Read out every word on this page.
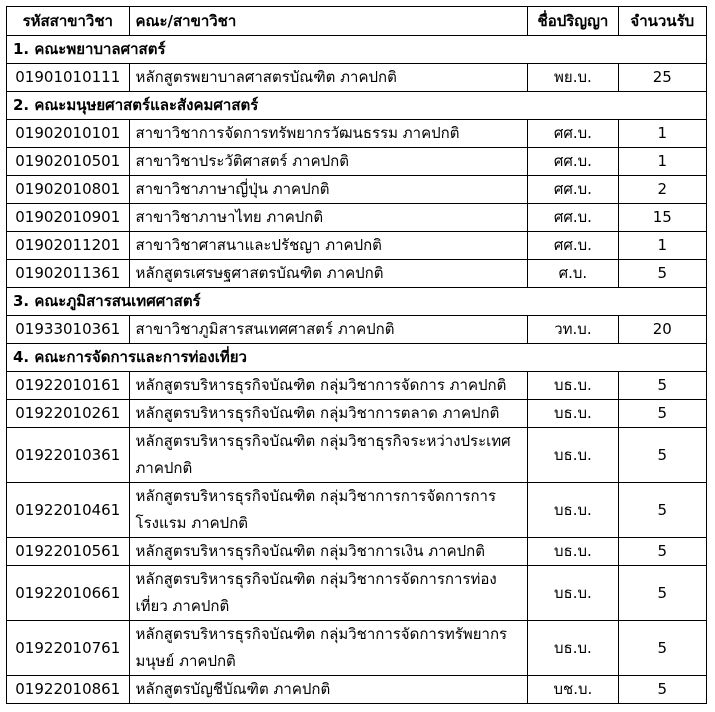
รหัสสาขาวิชา	คณะ/สาขาวิชา	ชื่อปริญญา	จำนวนรับ
1. คณะพยาบาลศาสตร์			
01901010111	หลักสูตรพยาบาลศาสตรบัณฑิต ภาคปกติ	พย.บ.	25
2. คณะมนุษยศาสตร์และสังคมศาสตร์			
01902010101	สาขาวิชาการจัดการทรัพยากรวัฒนธรรม ภาคปกติ	ศศ.บ.	1
01902010501	สาขาวิชาประวัติศาสตร์ ภาคปกติ	ศศ.บ.	1
01902010801	สาขาวิชาภาษาญี่ปุ่น ภาคปกติ	ศศ.บ.	2
01902010901	สาขาวิชาภาษาไทย ภาคปกติ	ศศ.บ.	15
01902011201	สาขาวิชาศาสนาและปรัชญา ภาคปกติ	ศศ.บ.	1
01902011361	หลักสูตรเศรษฐศาสตรบัณฑิต ภาคปกติ	ศ.บ.	5
3. คณะภูมิสารสนเทศศาสตร์			
01933010361	สาขาวิชาภูมิสารสนเทศศาสตร์ ภาคปกติ	วท.บ.	20
4. คณะการจัดการและการท่องเที่ยว			
01922010161	หลักสูตรบริหารธุรกิจบัณฑิต กลุ่มวิชาการจัดการ ภาคปกติ	บธ.บ.	5
01922010261	หลักสูตรบริหารธุรกิจบัณฑิต กลุ่มวิชาการตลาด ภาคปกติ	บธ.บ.	5
01922010361	หลักสูตรบริหารธุรกิจบัณฑิต กลุ่มวิชาธุรกิจระหว่างประเทศ ภาคปกติ	บธ.บ.	5
01922010461	หลักสูตรบริหารธุรกิจบัณฑิต กลุ่มวิชาการการจัดการการโรงแรม ภาคปกติ	บธ.บ.	5
01922010561	หลักสูตรบริหารธุรกิจบัณฑิต กลุ่มวิชาการเงิน ภาคปกติ	บธ.บ.	5
01922010661	หลักสูตรบริหารธุรกิจบัณฑิต กลุ่มวิชาการจัดการการท่องเที่ยว ภาคปกติ	บธ.บ.	5
01922010761	หลักสูตรบริหารธุรกิจบัณฑิต กลุ่มวิชาการจัดการทรัพยากรมนุษย์ ภาคปกติ	บธ.บ.	5
01922010861	หลักสูตรบัญชีบัณฑิต ภาคปกติ	บช.บ.	5
